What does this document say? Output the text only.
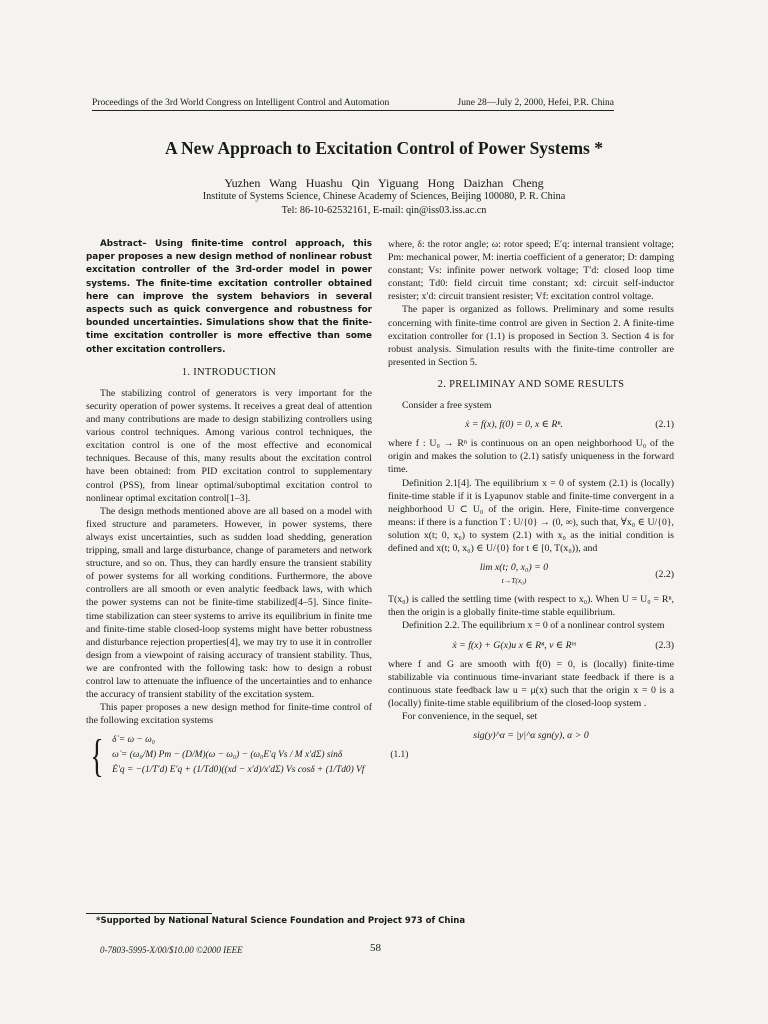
Proceedings of the 3rd World Congress on Intelligent Control and Automation	June 28—July 2, 2000, Hefei, P.R. China
A New Approach to Excitation Control of Power Systems *
Yuzhen Wang Huashu Qin Yiguang Hong Daizhan Cheng
Institute of Systems Science, Chinese Academy of Sciences, Beijing 100080, P. R. China
Tel: 86-10-62532161, E-mail: qin@iss03.iss.ac.cn

Abstract– Using finite-time control approach, this paper proposes a new design method of nonlinear robust excitation controller of the 3rd-order model in power systems. The finite-time excitation controller obtained here can improve the system behaviors in several aspects such as quick convergence and robustness for bounded uncertainties. Simulations show that the finite-time excitation controller is more effective than some other excitation controllers.

1. INTRODUCTION

The stabilizing control of generators is very important for the security operation of power systems. It receives a great deal of attention and many contributions are made to design stabilizing controllers using various control techniques. Among various control techniques, the excitation control is one of the most effective and economical techniques. Because of this, many results about the excitation control have been obtained: from PID excitation control to supplementary control (PSS), from linear optimal/suboptimal excitation control to nonlinear optimal excitation control[1–3].

The design methods mentioned above are all based on a model with fixed structure and parameters. However, in power systems, there always exist uncertainties, such as sudden load shedding, generation tripping, small and large disturbance, change of parameters and network structure, and so on. Thus, they can hardly ensure the transient stability of power systems for all working conditions. Furthermore, the above controllers are all smooth or even analytic feedback laws, with which the power systems can not be finite-time stabilized[4–5]. Since finite-time stabilization can steer systems to arrive its equilibrium in finite tme and finite-time stable closed-loop systems might have better robustness and disturbance rejection properties[4], we may try to use it in controller design from a viewpoint of raising accuracy of transient stability. Thus, we are confronted with the following task: how to design a robust control law to attenuate the influence of the uncertainties and to enhance the accuracy of transient stability of the excitation system.

This paper proposes a new design method for finite-time control of the following excitation systems

{ δ̇ = ω − ω₀
ω̇ = (ω₀/M) Pm − (D/M)(ω − ω₀) − (ω₀E′q Vs / M x′dΣ) sinδ
Ė′q = −(1/T′d) E′q + (1/Td0)((xd − x′d)/x′dΣ) Vs cosδ + (1/Td0) Vf
(1.1)

where, δ: the rotor angle; ω: rotor speed; E′q: internal transient voltage; Pm: mechanical power, M: inertia coefficient of a generator; D: damping constant; Vs: infinite power network voltage; T′d: closed loop time constant; Td0: field circuit time constant; xd: circuit self-inductor resister; x′d: circuit transient resister; Vf: excitation control voltage.

The paper is organized as follows. Preliminary and some results concerning with finite-time control are given in Section 2. A finite-time excitation controller for (1.1) is proposed in Section 3. Section 4 is for robust analysis. Simulation results with the finite-time controller are presented in Section 5.

2. PRELIMINAY AND SOME RESULTS

Consider a free system

ẋ = f(x), f(0) = 0, x ∈ Rⁿ.	(2.1)

where f : U₀ → Rⁿ is continuous on an open neighborhood U₀ of the origin and makes the solution to (2.1) satisfy uniqueness in the forward time.

Definition 2.1[4]. The equilibrium x = 0 of system (2.1) is (locally) finite-time stable if it is Lyapunov stable and finite-time convergent in a neighborhood U ⊂ U₀ of the origin. Here, Finite-time convergence means: if there is a function T : U/{0} → (0, ∞), such that, ∀x₀ ∈ U/{0}, solution x(t; 0, x₀) to system (2.1) with x₀ as the initial condition is defined and x(t; 0, x₀) ∈ U/{0} for t ∈ [0, T(x₀)), and

lim x(t; 0, x₀) = 0
t→T(x₀)
(2.2)

T(x₀) is called the settling time (with respect to x₀). When U = U₀ = Rⁿ, then the origin is a globally finite-time stable equilibrium.

Definition 2.2. The equilibrium x = 0 of a nonlinear control system

ẋ = f(x) + G(x)u x ∈ Rⁿ, v ∈ Rᵐ	(2.3)

where f and G are smooth with f(0) = 0, is (locally) finite-time stabilizable via continuous time-invariant state feedback if there is a continuous state feedback law u = μ(x) such that the origin x = 0 is a (locally) finite-time stable equilibrium of the closed-loop system .

For convenience, in the sequel, set

sig(y)^α = |y|^α sgn(y), α > 0
*Supported by National Natural Science Foundation and Project 973 of China
0-7803-5995-X/00/$10.00 ©2000 IEEE	58
